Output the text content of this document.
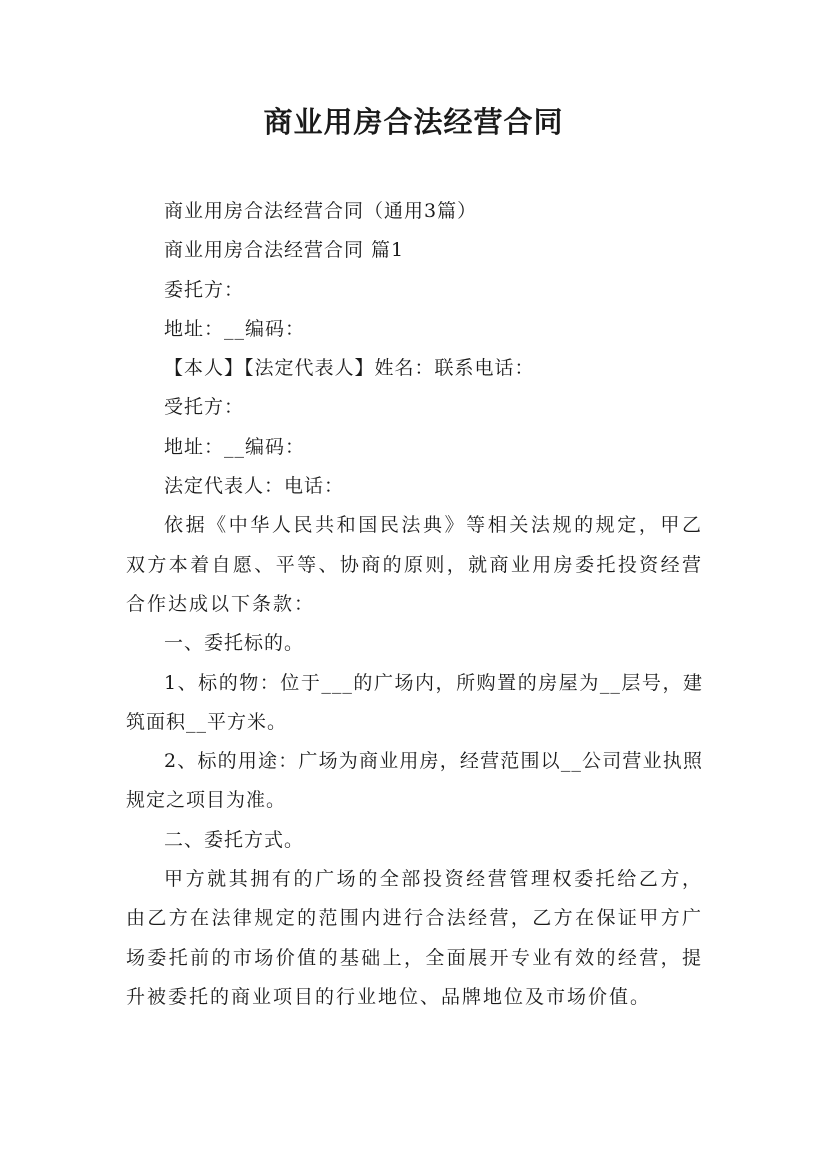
商业用房合法经营合同

商业用房合法经营合同（通用3篇）

商业用房合法经营合同 篇1

委托方：

地址：__编码：

【本人】【法定代表人】姓名：联系电话：

受托方：

地址：__编码：

法定代表人：电话：

依据《中华人民共和国民法典》等相关法规的规定，甲乙双方本着自愿、平等、协商的原则，就商业用房委托投资经营合作达成以下条款：

一、委托标的。

1、标的物：位于___的广场内，所购置的房屋为__层号，建筑面积__平方米。

2、标的用途：广场为商业用房，经营范围以__公司营业执照规定之项目为准。

二、委托方式。

甲方就其拥有的广场的全部投资经营管理权委托给乙方，由乙方在法律规定的范围内进行合法经营，乙方在保证甲方广场委托前的市场价值的基础上，全面展开专业有效的经营，提升被委托的商业项目的行业地位、品牌地位及市场价值。
